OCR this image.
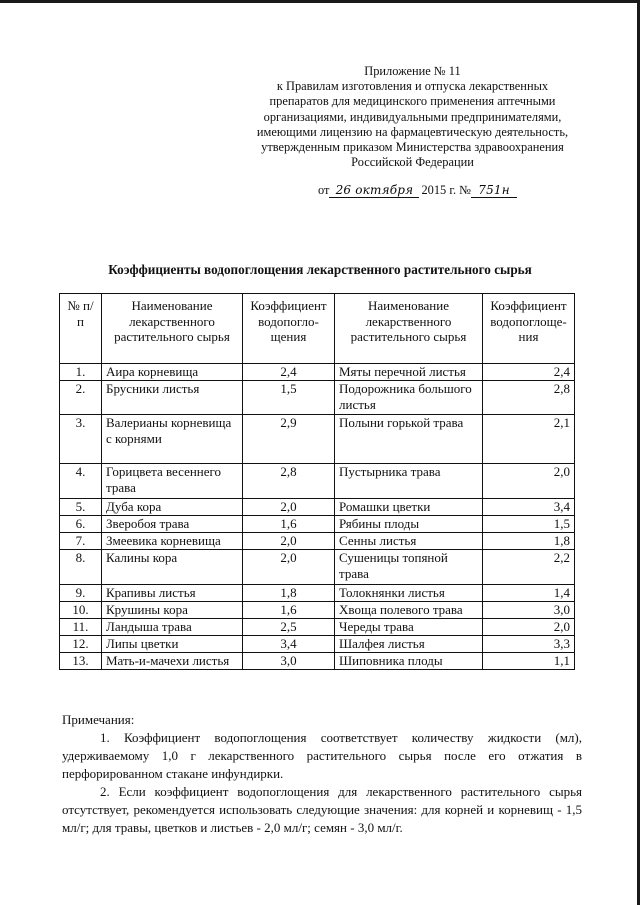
Приложение № 11
к Правилам изготовления и отпуска лекарственных
препаратов для медицинского применения аптечными
организациями, индивидуальными предпринимателями,
имеющими лицензию на фармацевтическую деятельность,
утвержденным приказом Министерства здравоохранения
Российской Федерации
от 26 октября 2015 г. № 751н
Коэффициенты водопоглощения лекарственного растительного сырья
№ п/п	Наименование лекарственного растительного сырья	Коэффициент водопогло-щения	Наименование лекарственного растительного сырья	Коэффициент водопоглоще-ния
1.	Аира корневища	2,4	Мяты перечной листья	2,4
2.	Брусники листья	1,5	Подорожника большого листья	2,8
3.	Валерианы корневища с корнями	2,9	Полыни горькой трава	2,1
4.	Горицвета весеннего трава	2,8	Пустырника трава	2,0
5.	Дуба кора	2,0	Ромашки цветки	3,4
6.	Зверобоя трава	1,6	Рябины плоды	1,5
7.	Змеевика корневища	2,0	Сенны листья	1,8
8.	Калины кора	2,0	Сушеницы топяной трава	2,2
9.	Крапивы листья	1,8	Толокнянки листья	1,4
10.	Крушины кора	1,6	Хвоща полевого трава	3,0
11.	Ландыша трава	2,5	Череды трава	2,0
12.	Липы цветки	3,4	Шалфея листья	3,3
13.	Мать-и-мачехи листья	3,0	Шиповника плоды	1,1

Примечания:

1. Коэффициент водопоглощения соответствует количеству жидкости (мл), удерживаемому 1,0 г лекарственного растительного сырья после его отжатия в перфорированном стакане инфундирки.

2. Если коэффициент водопоглощения для лекарственного растительного сырья отсутствует, рекомендуется использовать следующие значения: для корней и корневищ - 1,5 мл/г; для травы, цветков и листьев - 2,0 мл/г; семян - 3,0 мл/г.
